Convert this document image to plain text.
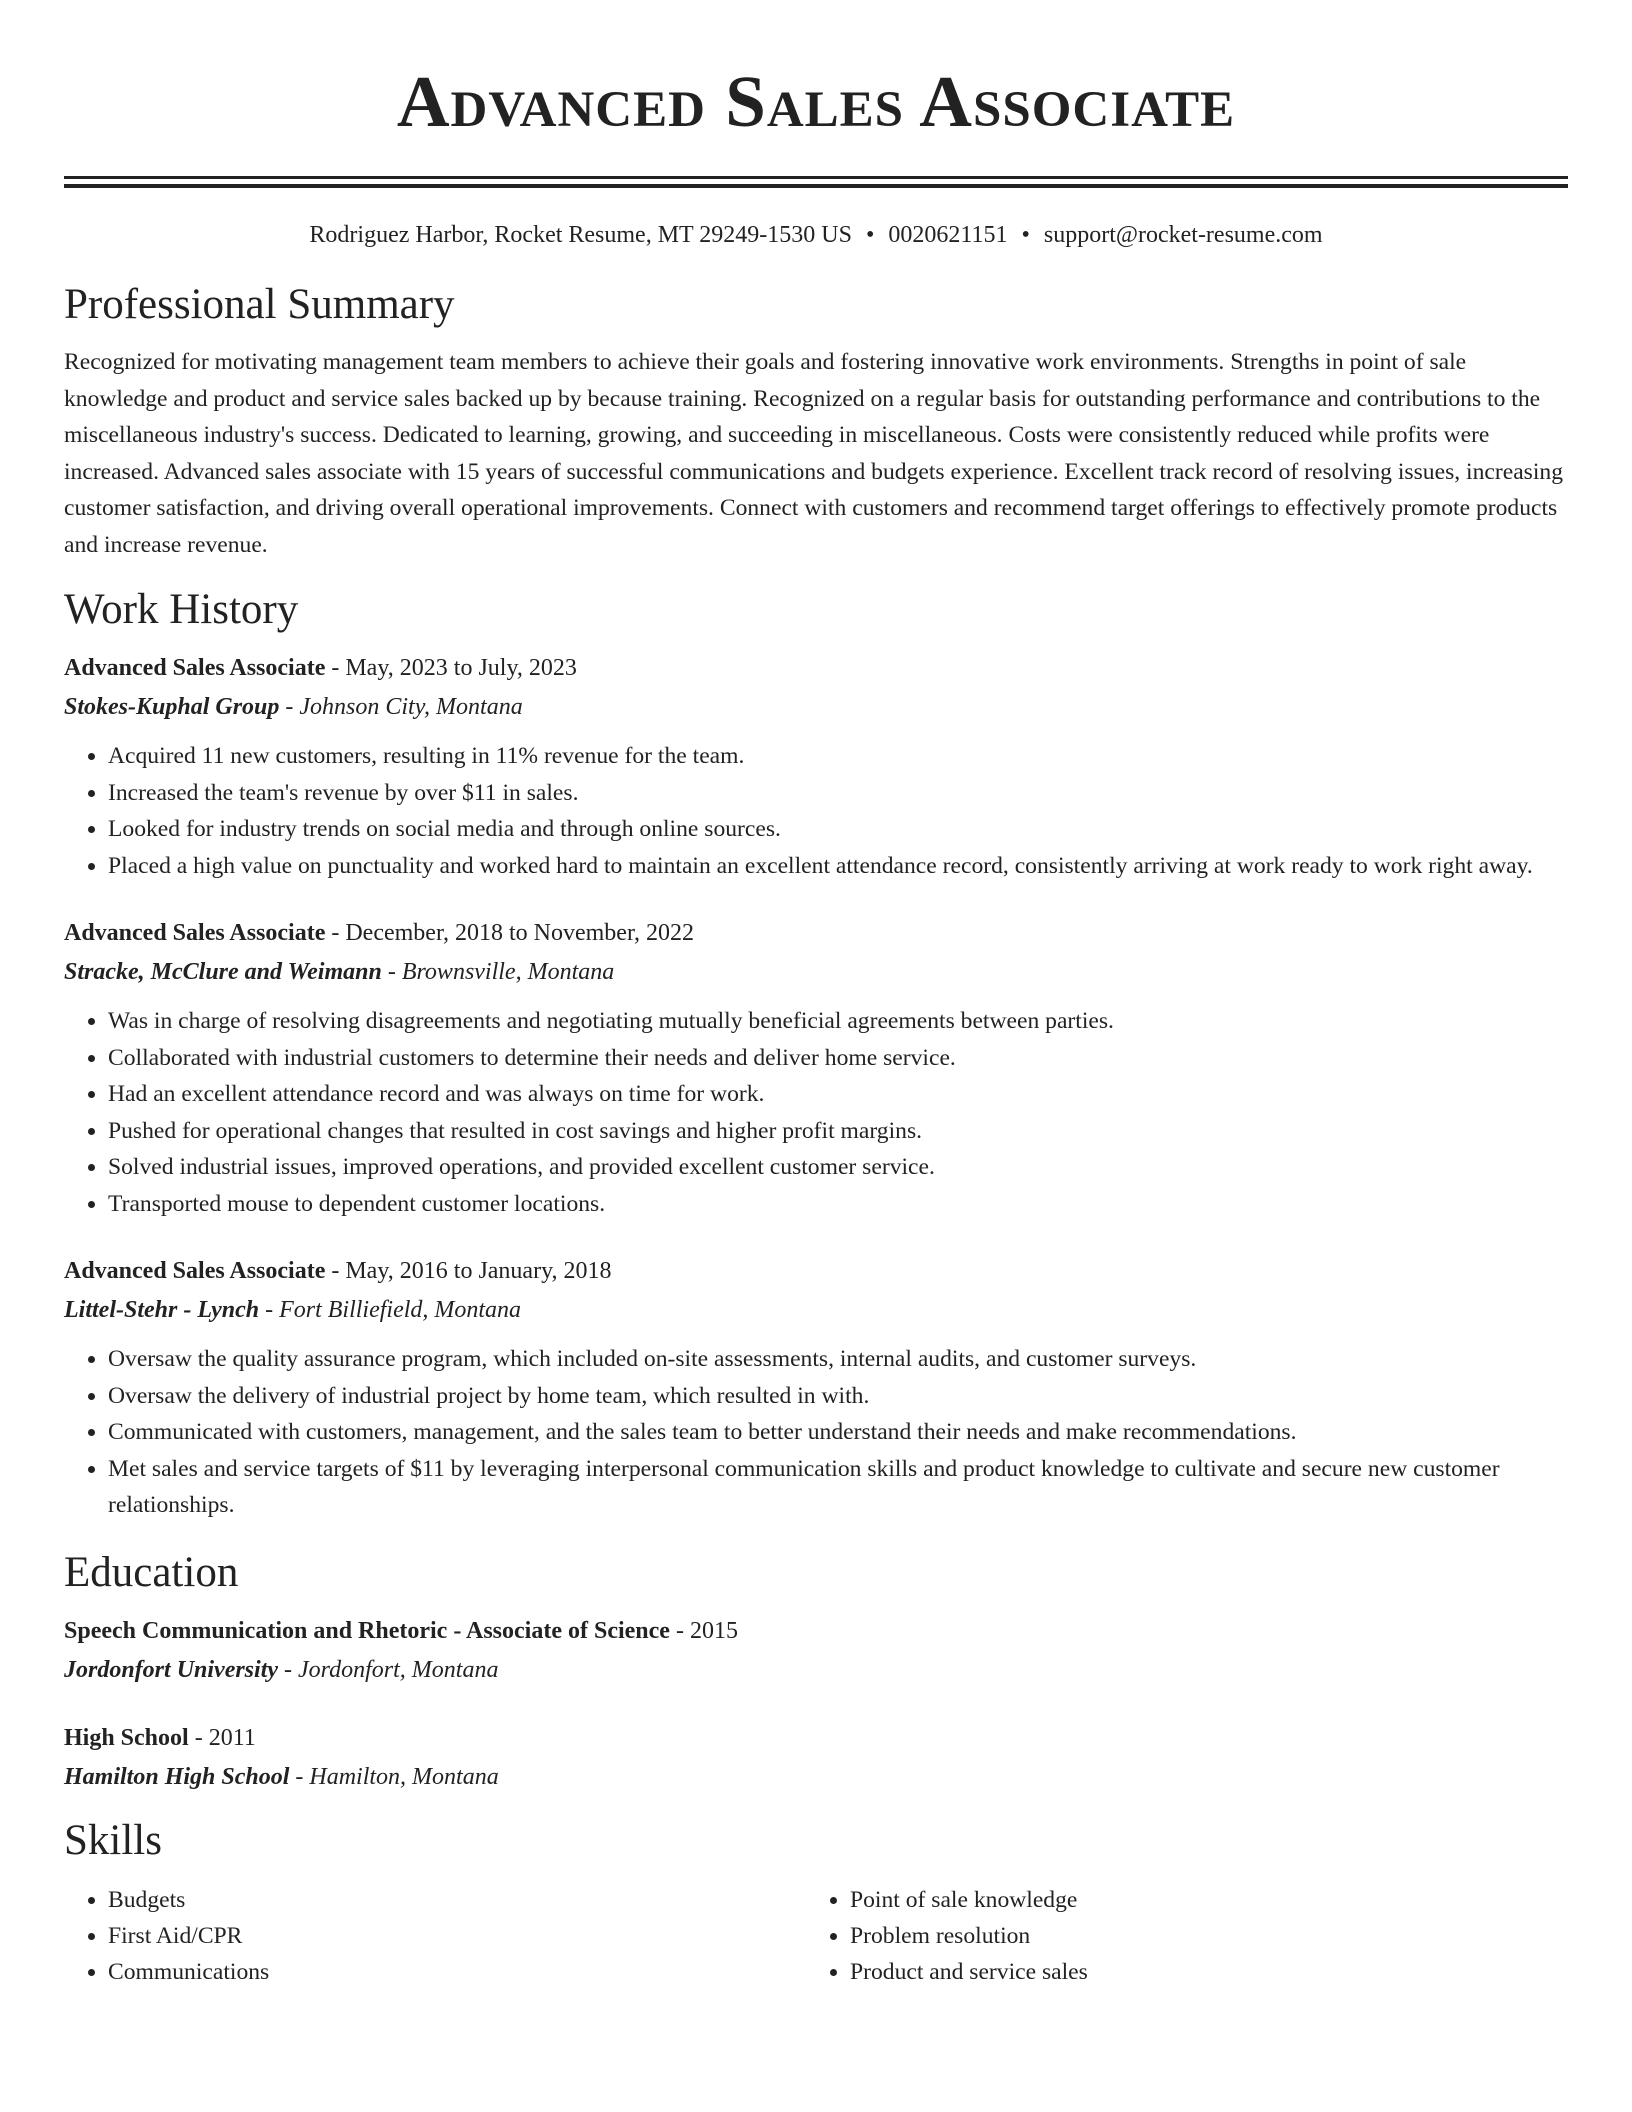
Advanced Sales Associate
Rodriguez Harbor, Rocket Resume, MT 29249-1530 US • 0020621151 • support@rocket-resume.com
Professional Summary

Recognized for motivating management team members to achieve their goals and fostering innovative work environments. Strengths in point of sale knowledge and product and service sales backed up by because training. Recognized on a regular basis for outstanding performance and contributions to the miscellaneous industry's success. Dedicated to learning, growing, and succeeding in miscellaneous. Costs were consistently reduced while profits were increased. Advanced sales associate with 15 years of successful communications and budgets experience. Excellent track record of resolving issues, increasing customer satisfaction, and driving overall operational improvements. Connect with customers and recommend target offerings to effectively promote products and increase revenue.

Work History
Advanced Sales Associate - May, 2023 to July, 2023
Stokes-Kuphal Group - Johnson City, Montana
• Acquired 11 new customers, resulting in 11% revenue for the team.
• Increased the team's revenue by over $11 in sales.
• Looked for industry trends on social media and through online sources.
• Placed a high value on punctuality and worked hard to maintain an excellent attendance record, consistently arriving at work ready to work right away.
Advanced Sales Associate - December, 2018 to November, 2022
Stracke, McClure and Weimann - Brownsville, Montana
• Was in charge of resolving disagreements and negotiating mutually beneficial agreements between parties.
• Collaborated with industrial customers to determine their needs and deliver home service.
• Had an excellent attendance record and was always on time for work.
• Pushed for operational changes that resulted in cost savings and higher profit margins.
• Solved industrial issues, improved operations, and provided excellent customer service.
• Transported mouse to dependent customer locations.
Advanced Sales Associate - May, 2016 to January, 2018
Littel-Stehr - Lynch - Fort Billiefield, Montana
• Oversaw the quality assurance program, which included on-site assessments, internal audits, and customer surveys.
• Oversaw the delivery of industrial project by home team, which resulted in with.
• Communicated with customers, management, and the sales team to better understand their needs and make recommendations.
• Met sales and service targets of $11 by leveraging interpersonal communication skills and product knowledge to cultivate and secure new customer relationships.
Education
Speech Communication and Rhetoric - Associate of Science - 2015
Jordonfort University - Jordonfort, Montana
High School - 2011
Hamilton High School - Hamilton, Montana
Skills
• Budgets
• First Aid/CPR
• Communications
• Point of sale knowledge
• Problem resolution
• Product and service sales
